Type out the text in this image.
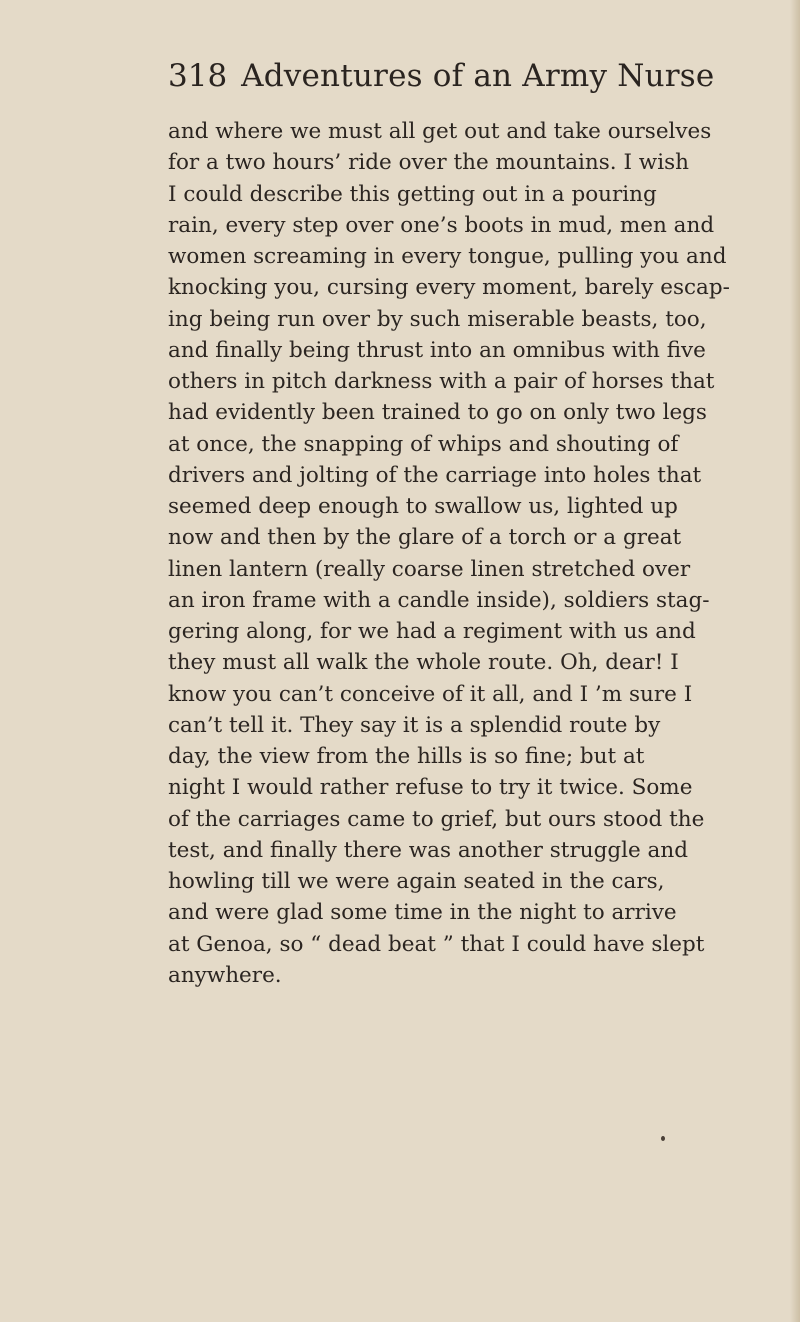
318 Adventures of an Army Nurse
and where we must all get out and take ourselves
for a two hours’ ride over the mountains. I wish
I could describe this getting out in a pouring
rain, every step over one’s boots in mud, men and
women screaming in every tongue, pulling you and
knocking you, cursing every moment, barely escap-
ing being run over by such miserable beasts, too,
and finally being thrust into an omnibus with five
others in pitch darkness with a pair of horses that
had evidently been trained to go on only two legs
at once, the snapping of whips and shouting of
drivers and jolting of the carriage into holes that
seemed deep enough to swallow us, lighted up
now and then by the glare of a torch or a great
linen lantern (really coarse linen stretched over
an iron frame with a candle inside), soldiers stag-
gering along, for we had a regiment with us and
they must all walk the whole route. Oh, dear! I
know you can’t conceive of it all, and I ’m sure I
can’t tell it. They say it is a splendid route by
day, the view from the hills is so fine; but at
night I would rather refuse to try it twice. Some
of the carriages came to grief, but ours stood the
test, and finally there was another struggle and
howling till we were again seated in the cars,
and were glad some time in the night to arrive
at Genoa, so “ dead beat ” that I could have slept
anywhere.
